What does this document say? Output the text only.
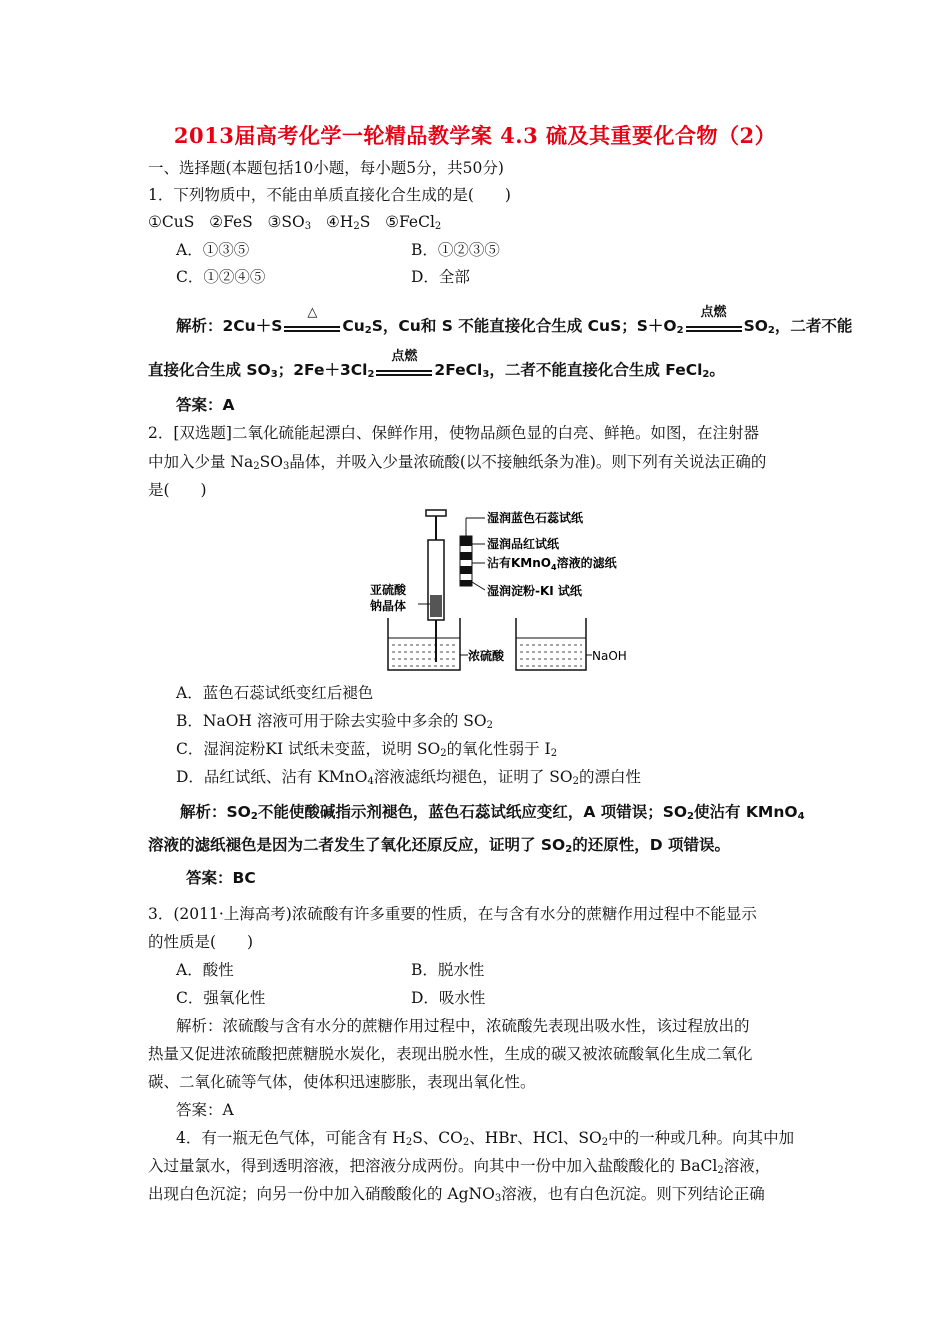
2013届高考化学一轮精品教学案 4.3 硫及其重要化合物（2）
一、选择题(本题包括10小题，每小题5分，共50分)
1．下列物质中，不能由单质直接化合生成的是(　　)
①CuS ②FeS $③SO_3$ $④H_2S$ ⑤FeCl$_2$
A．①③⑤	B．①②③⑤
C．①②④⑤	D．全部
解析：2Cu＋S
△
$Cu_2S$，Cu和 S 不能直接化合生成 CuS；$S+O_2$
点燃
$SO_2$，二者不能
直接化合生成 $SO_3$；$2Fe+3Cl_2$
点燃
2FeCl$_3$，二者不能直接化合生成 FeCl$_2$。
答案：A
2．[双选题]二氧化硫能起漂白、保鲜作用，使物品颜色显的白亮、鲜艳。如图，在注射器
中加入少量 $Na_2SO_3$晶体，并吸入少量浓硫酸(以不接触纸条为准)。则下列有关说法正确的
是(　　)
湿润蓝色石蕊试纸
湿润品红试纸
沾有KMnO$_4$溶液的滤纸
湿润淀粉-KI 试纸
亚硫酸
钠晶体
浓硫酸	NaOH
A．蓝色石蕊试纸变红后褪色
B．NaOH 溶液可用于除去实验中多余的 $SO_2$
C．湿润淀粉KI 试纸未变蓝，说明 $SO_2$的氧化性弱于 $I_2$
D．品红试纸、沾有 KMnO$_4$溶液滤纸均褪色，证明了 $SO_2$的漂白性
解析：$SO_2$不能使酸碱指示剂褪色，蓝色石蕊试纸应变红，A 项错误；$SO_2$使沾有 KMnO$_4$
溶液的滤纸褪色是因为二者发生了氧化还原反应，证明了 $SO_2$的还原性，D 项错误。
答案：BC
3．(2011·上海高考)浓硫酸有许多重要的性质，在与含有水分的蔗糖作用过程中不能显示
的性质是(　　)
A．酸性	B．脱水性
C．强氧化性	D．吸水性
解析：浓硫酸与含有水分的蔗糖作用过程中，浓硫酸先表现出吸水性，该过程放出的
热量又促进浓硫酸把蔗糖脱水炭化，表现出脱水性，生成的碳又被浓硫酸氧化生成二氧化
碳、二氧化硫等气体，使体积迅速膨胀，表现出氧化性。
答案：A
4．有一瓶无色气体，可能含有 $H_2S$、$CO_2$、HBr、HCl、$SO_2$中的一种或几种。向其中加
入过量氯水，得到透明溶液，把溶液分成两份。向其中一份中加入盐酸酸化的 BaCl$_2$溶液，
出现白色沉淀；向另一份中加入硝酸酸化的 AgNO$_3$溶液，也有白色沉淀。则下列结论正确
